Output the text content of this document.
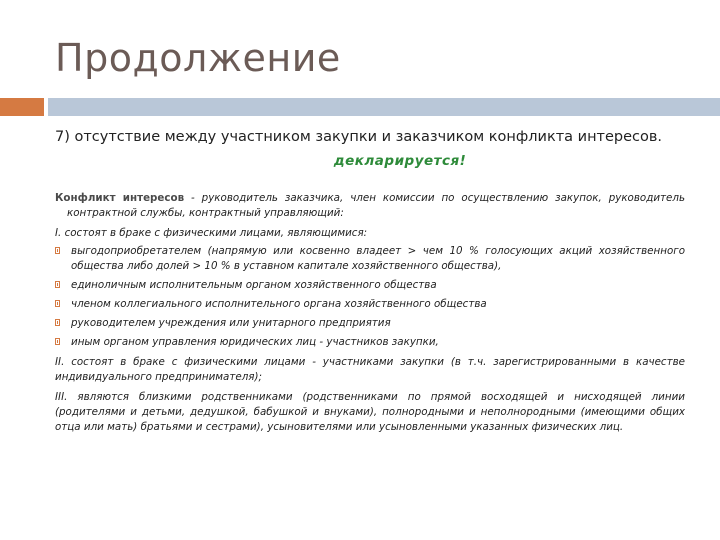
Продолжение

7) отсутствие между участником закупки и заказчиком конфликта интересов.

декларируется!

Конфликт интересов - руководитель заказчика, член комиссии по осуществлению закупок, руководитель контрактной службы, контрактный управляющий:
I. состоят в браке с физическими лицами, являющимися:
выгодоприобретателем (напрямую или косвенно владеет > чем 10 % голосующих акций хозяйственного общества либо долей > 10 % в уставном капитале хозяйственного общества),
единоличным исполнительным органом хозяйственного общества
членом коллегиального исполнительного органа хозяйственного общества
руководителем учреждения или унитарного предприятия
иным органом управления юридических лиц - участников закупки,
II. состоят в браке с физическими лицами - участниками закупки (в т.ч. зарегистрированными в качестве индивидуального предпринимателя);
III. являются близкими родственниками (родственниками по прямой восходящей и нисходящей линии (родителями и детьми, дедушкой, бабушкой и внуками), полнородными и неполнородными (имеющими общих отца или мать) братьями и сестрами), усыновителями или усыновленными указанных физических лиц.
